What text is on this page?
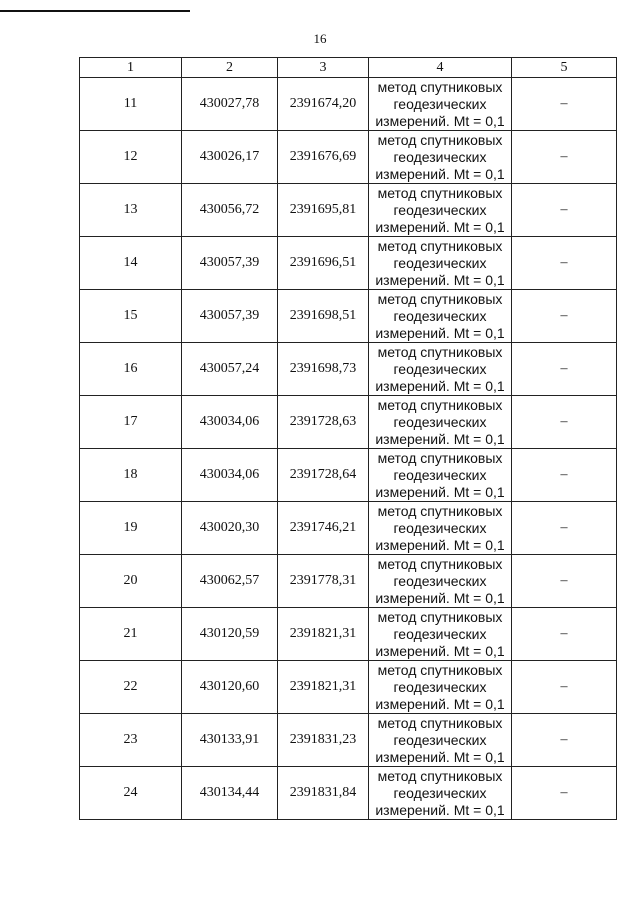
16
1	2	3	4	5
11	430027,78	2391674,20	метод спутниковых
геодезических
измерений. Mt = 0,1	–
12	430026,17	2391676,69	метод спутниковых
геодезических
измерений. Mt = 0,1	–
13	430056,72	2391695,81	метод спутниковых
геодезических
измерений. Mt = 0,1	–
14	430057,39	2391696,51	метод спутниковых
геодезических
измерений. Mt = 0,1	–
15	430057,39	2391698,51	метод спутниковых
геодезических
измерений. Mt = 0,1	–
16	430057,24	2391698,73	метод спутниковых
геодезических
измерений. Mt = 0,1	–
17	430034,06	2391728,63	метод спутниковых
геодезических
измерений. Mt = 0,1	–
18	430034,06	2391728,64	метод спутниковых
геодезических
измерений. Mt = 0,1	–
19	430020,30	2391746,21	метод спутниковых
геодезических
измерений. Mt = 0,1	–
20	430062,57	2391778,31	метод спутниковых
геодезических
измерений. Mt = 0,1	–
21	430120,59	2391821,31	метод спутниковых
геодезических
измерений. Mt = 0,1	–
22	430120,60	2391821,31	метод спутниковых
геодезических
измерений. Mt = 0,1	–
23	430133,91	2391831,23	метод спутниковых
геодезических
измерений. Mt = 0,1	–
24	430134,44	2391831,84	метод спутниковых
геодезических
измерений. Mt = 0,1	–
